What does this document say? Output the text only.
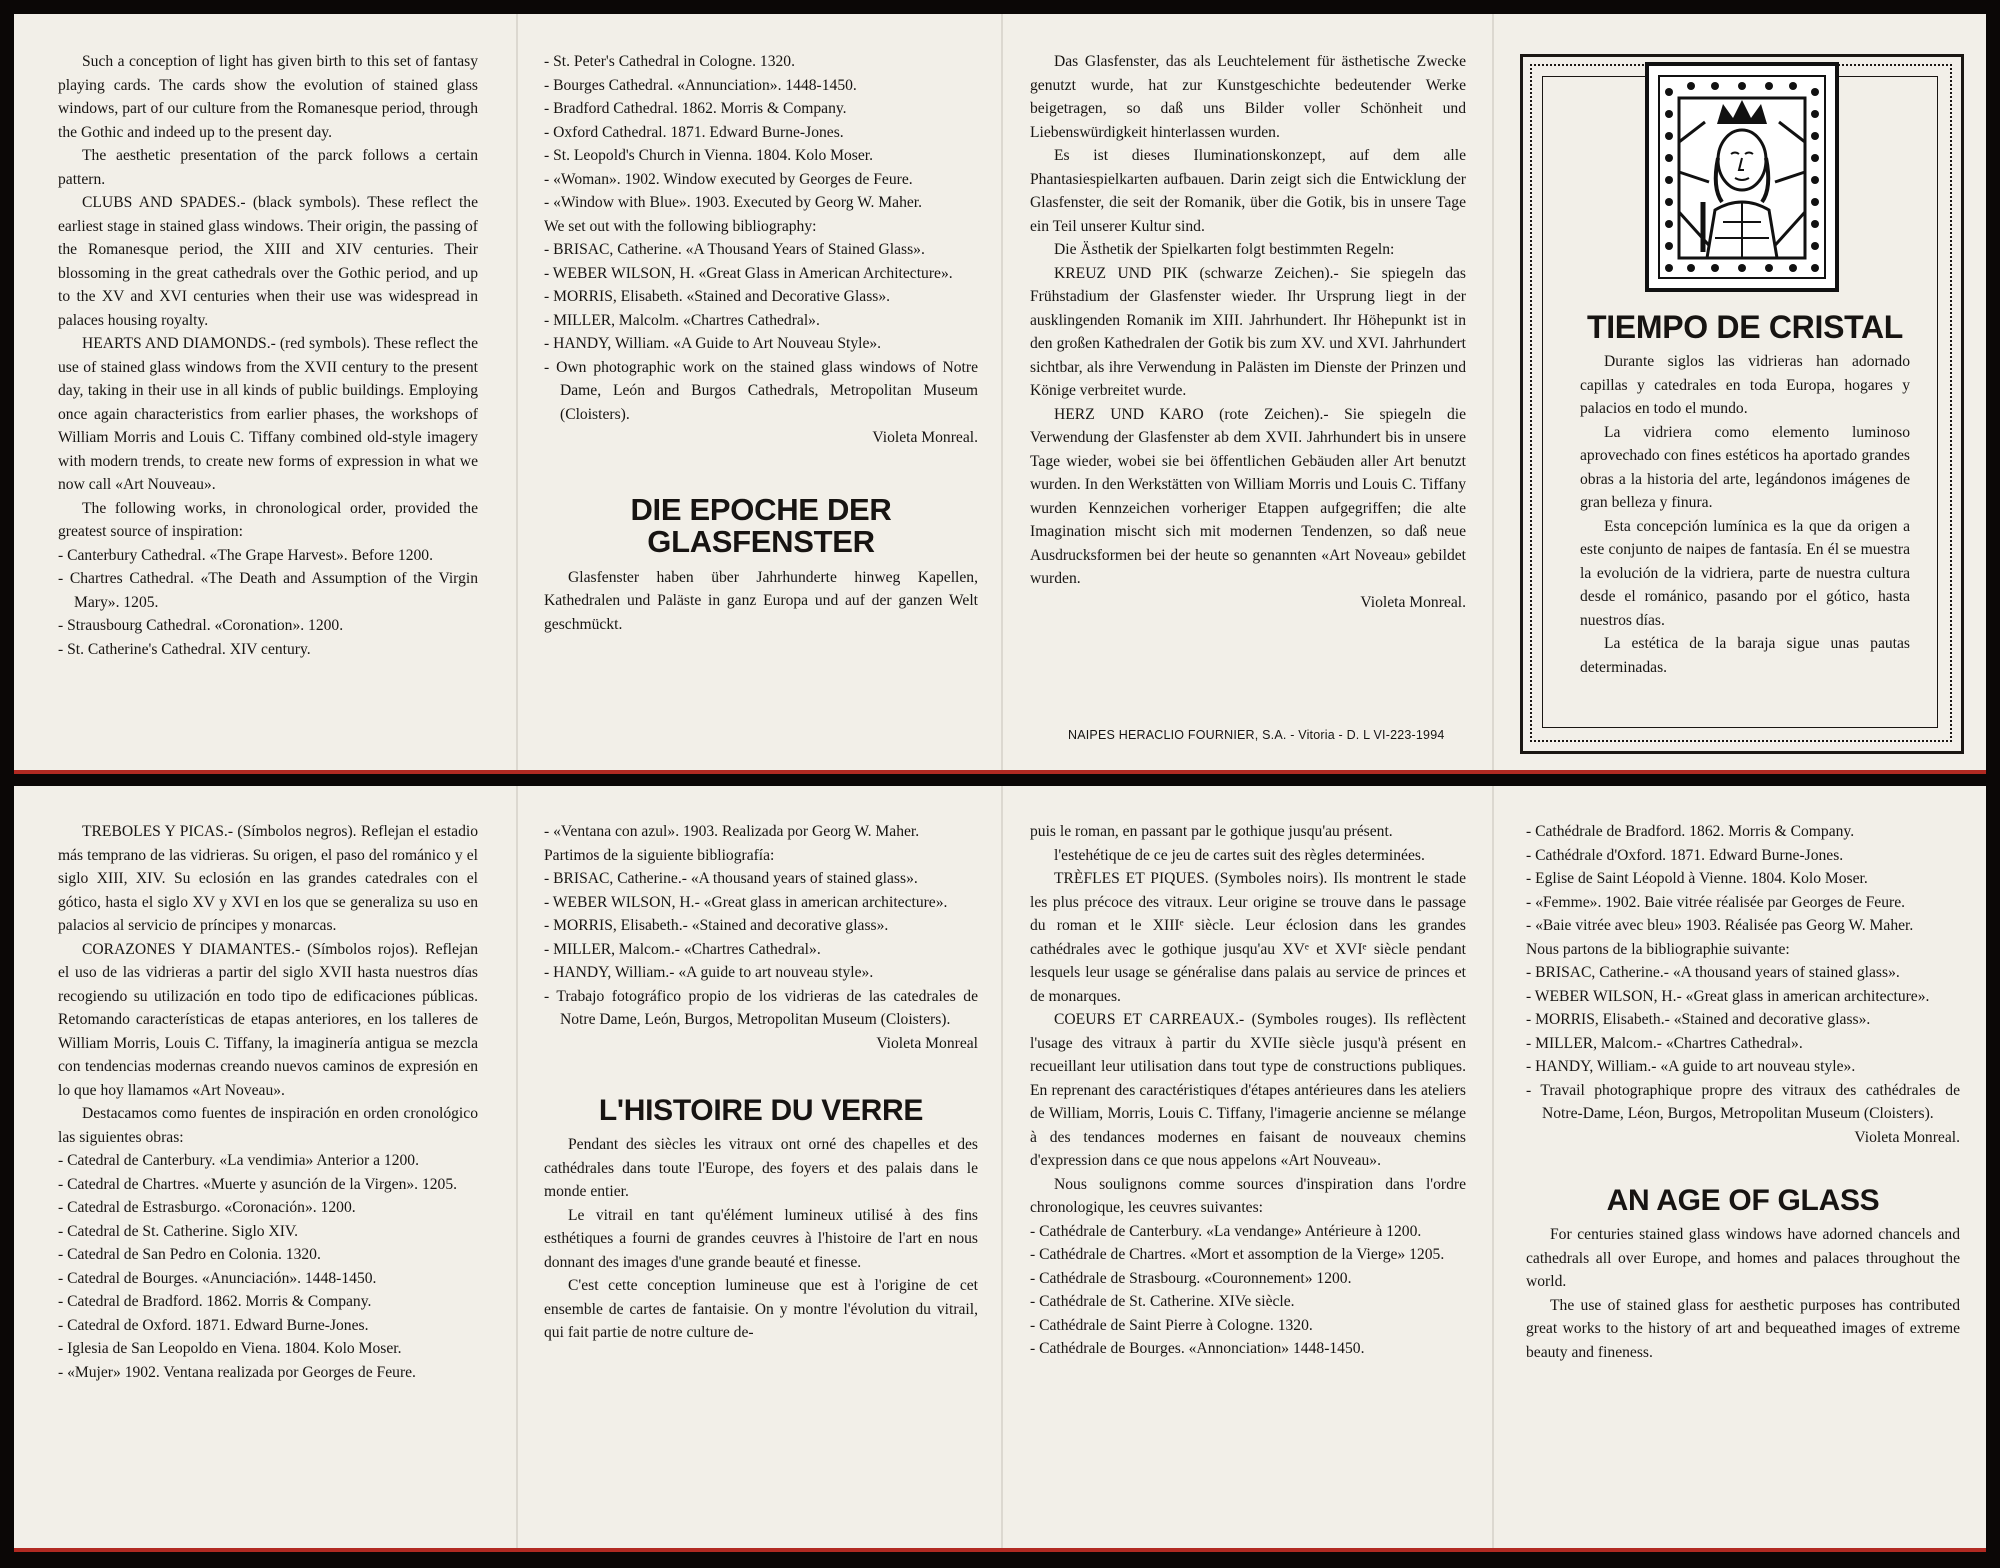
Such a conception of light has given birth to this set of fantasy playing cards. The cards show the evolution of stained glass windows, part of our culture from the Romanesque period, through the Gothic and indeed up to the present day.

The aesthetic presentation of the parck follows a certain pattern.

CLUBS AND SPADES.- (black symbols). These reflect the earliest stage in stained glass windows. Their origin, the passing of the Romanesque period, the XIII and XIV centuries. Their blossoming in the great cathedrals over the Gothic period, and up to the XV and XVI centuries when their use was widespread in palaces housing royalty.

HEARTS AND DIAMONDS.- (red symbols). These reflect the use of stained glass windows from the XVII century to the present day, taking in their use in all kinds of public buildings. Employing once again characteristics from earlier phases, the workshops of William Morris and Louis C. Tiffany combined old-style imagery with modern trends, to create new forms of expression in what we now call «Art Nouveau».

The following works, in chronological order, provided the greatest source of inspiration:

- Canterbury Cathedral. «The Grape Harvest». Before 1200.

- Chartres Cathedral. «The Death and Assumption of the Virgin Mary». 1205.

- Strausbourg Cathedral. «Coronation». 1200.

- St. Catherine's Cathedral. XIV century.

- St. Peter's Cathedral in Cologne. 1320.

- Bourges Cathedral. «Annunciation». 1448-1450.

- Bradford Cathedral. 1862. Morris & Company.

- Oxford Cathedral. 1871. Edward Burne-Jones.

- St. Leopold's Church in Vienna. 1804. Kolo Moser.

- «Woman». 1902. Window executed by Georges de Feure.

- «Window with Blue». 1903. Executed by Georg W. Maher.

We set out with the following bibliography:

- BRISAC, Catherine. «A Thousand Years of Stained Glass».

- WEBER WILSON, H. «Great Glass in American Architecture».

- MORRIS, Elisabeth. «Stained and Decorative Glass».

- MILLER, Malcolm. «Chartres Cathedral».

- HANDY, William. «A Guide to Art Nouveau Style».

- Own photographic work on the stained glass windows of Notre Dame, León and Burgos Cathedrals, Metropolitan Museum (Cloisters).

Violeta Monreal.

DIE EPOCHE DER
GLASFENSTER

Glasfenster haben über Jahrhunderte hinweg Kapellen, Kathedralen und Paläste in ganz Europa und auf der ganzen Welt geschmückt.

Das Glasfenster, das als Leuchtelement für ästhetische Zwecke genutzt wurde, hat zur Kunstgeschichte bedeutender Werke beigetragen, so daß uns Bilder voller Schönheit und Liebenswürdigkeit hinterlassen wurden.

Es ist dieses Iluminationskonzept, auf dem alle Phantasiespielkarten aufbauen. Darin zeigt sich die Entwicklung der Glasfenster, die seit der Romanik, über die Gotik, bis in unsere Tage ein Teil unserer Kultur sind.

Die Ästhetik der Spielkarten folgt bestimmten Regeln:

KREUZ UND PIK (schwarze Zeichen).- Sie spiegeln das Frühstadium der Glasfenster wieder. Ihr Ursprung liegt in der ausklingenden Romanik im XIII. Jahrhundert. Ihr Höhepunkt ist in den großen Kathedralen der Gotik bis zum XV. und XVI. Jahrhundert sichtbar, als ihre Verwendung in Palästen im Dienste der Prinzen und Könige verbreitet wurde.

HERZ UND KARO (rote Zeichen).- Sie spiegeln die Verwendung der Glasfenster ab dem XVII. Jahrhundert bis in unsere Tage wieder, wobei sie bei öffentlichen Gebäuden aller Art benutzt wurden. In den Werkstätten von William Morris und Louis C. Tiffany wurden Kennzeichen vorheriger Etappen aufgegriffen; die alte Imagination mischt sich mit modernen Tendenzen, so daß neue Ausdrucksformen bei der heute so genannten «Art Noveau» gebildet wurden.

Violeta Monreal.

NAIPES HERACLIO FOURNIER, S.A. - Vitoria - D. L VI-223-1994
TIEMPO DE CRISTAL

Durante siglos las vidrieras han adornado capillas y catedrales en toda Europa, hogares y palacios en todo el mundo.

La vidriera como elemento luminoso aprovechado con fines estéticos ha aportado grandes obras a la historia del arte, legándonos imágenes de gran belleza y finura.

Esta concepción lumínica es la que da origen a este conjunto de naipes de fantasía. En él se muestra la evolución de la vidriera, parte de nuestra cultura desde el románico, pasando por el gótico, hasta nuestros días.

La estética de la baraja sigue unas pautas determinadas.

TREBOLES Y PICAS.- (Símbolos negros). Reflejan el estadio más temprano de las vidrieras. Su origen, el paso del románico y el siglo XIII, XIV. Su eclosión en las grandes catedrales con el gótico, hasta el siglo XV y XVI en los que se generaliza su uso en palacios al servicio de príncipes y monarcas.

CORAZONES Y DIAMANTES.- (Símbolos rojos). Reflejan el uso de las vidrieras a partir del siglo XVII hasta nuestros días recogiendo su utilización en todo tipo de edificaciones públicas. Retomando características de etapas anteriores, en los talleres de William Morris, Louis C. Tiffany, la imaginería antigua se mezcla con tendencias modernas creando nuevos caminos de expresión en lo que hoy llamamos «Art Noveau».

Destacamos como fuentes de inspiración en orden cronológico las siguientes obras:

- Catedral de Canterbury. «La vendimia» Anterior a 1200.

- Catedral de Chartres. «Muerte y asunción de la Virgen». 1205.

- Catedral de Estrasburgo. «Coronación». 1200.

- Catedral de St. Catherine. Siglo XIV.

- Catedral de San Pedro en Colonia. 1320.

- Catedral de Bourges. «Anunciación». 1448-1450.

- Catedral de Bradford. 1862. Morris & Company.

- Catedral de Oxford. 1871. Edward Burne-Jones.

- Iglesia de San Leopoldo en Viena. 1804. Kolo Moser.

- «Mujer» 1902. Ventana realizada por Georges de Feure.

- «Ventana con azul». 1903. Realizada por Georg W. Maher.

Partimos de la siguiente bibliografía:

- BRISAC, Catherine.- «A thousand years of stained glass».

- WEBER WILSON, H.- «Great glass in american architecture».

- MORRIS, Elisabeth.- «Stained and decorative glass».

- MILLER, Malcom.- «Chartres Cathedral».

- HANDY, William.- «A guide to art nouveau style».

- Trabajo fotográfico propio de los vidrieras de las catedrales de Notre Dame, León, Burgos, Metropolitan Museum (Cloisters).

Violeta Monreal

L'HISTOIRE DU VERRE

Pendant des siècles les vitraux ont orné des chapelles et des cathédrales dans toute l'Europe, des foyers et des palais dans le monde entier.

Le vitrail en tant qu'élément lumineux utilisé à des fins esthétiques a fourni de grandes ceuvres à l'histoire de l'art en nous donnant des images d'une grande beauté et finesse.

C'est cette conception lumineuse que est à l'origine de cet ensemble de cartes de fantaisie. On y montre l'évolution du vitrail, qui fait partie de notre culture de-

puis le roman, en passant par le gothique jusqu'au présent.

l'estehétique de ce jeu de cartes suit des règles determinées.

TRÈFLES ET PIQUES. (Symboles noirs). Ils montrent le stade les plus précoce des vitraux. Leur origine se trouve dans le passage du roman et le XIIIᵉ siècle. Leur éclosion dans les grandes cathédrales avec le gothique jusqu'au XVᵉ et XVIᵉ siècle pendant lesquels leur usage se généralise dans palais au service de princes et de monarques.

COEURS ET CARREAUX.- (Symboles rouges). Ils reflèctent l'usage des vitraux à partir du XVIIe siècle jusqu'à présent en recueillant leur utilisation dans tout type de constructions publiques. En reprenant des caractéristiques d'étapes antérieures dans les ateliers de William, Morris, Louis C. Tiffany, l'imagerie ancienne se mélange à des tendances modernes en faisant de nouveaux chemins d'expression dans ce que nous appelons «Art Nouveau».

Nous soulignons comme sources d'inspiration dans l'ordre chronologique, les ceuvres suivantes:

- Cathédrale de Canterbury. «La vendange» Antérieure à 1200.

- Cathédrale de Chartres. «Mort et assomption de la Vierge» 1205.

- Cathédrale de Strasbourg. «Couronnement» 1200.

- Cathédrale de St. Catherine. XIVe siècle.

- Cathédrale de Saint Pierre à Cologne. 1320.

- Cathédrale de Bourges. «Annonciation» 1448-1450.

- Cathédrale de Bradford. 1862. Morris & Company.

- Cathédrale d'Oxford. 1871. Edward Burne-Jones.

- Eglise de Saint Léopold à Vienne. 1804. Kolo Moser.

- «Femme». 1902. Baie vitrée réalisée par Georges de Feure.

- «Baie vitrée avec bleu» 1903. Réalisée pas Georg W. Maher.

Nous partons de la bibliographie suivante:

- BRISAC, Catherine.- «A thousand years of stained glass».

- WEBER WILSON, H.- «Great glass in american architecture».

- MORRIS, Elisabeth.- «Stained and decorative glass».

- MILLER, Malcom.- «Chartres Cathedral».

- HANDY, William.- «A guide to art nouveau style».

- Travail photographique propre des vitraux des cathédrales de Notre-Dame, Léon, Burgos, Metropolitan Museum (Cloisters).

Violeta Monreal.

AN AGE OF GLASS

For centuries stained glass windows have adorned chancels and cathedrals all over Europe, and homes and palaces throughout the world.

The use of stained glass for aesthetic purposes has contributed great works to the history of art and bequeathed images of extreme beauty and fineness.
